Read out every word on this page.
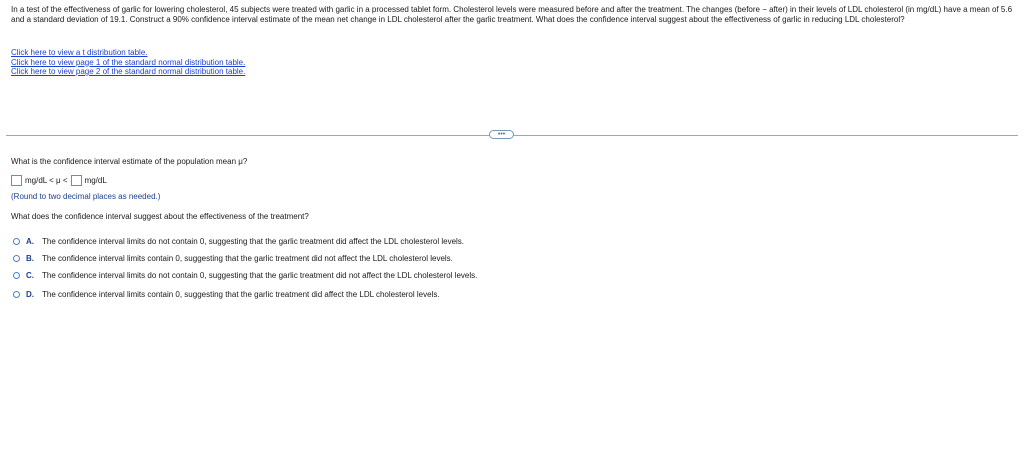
In a test of the effectiveness of garlic for lowering cholesterol, 45 subjects were treated with garlic in a processed tablet form. Cholesterol levels were measured before and after the treatment. The changes (before − after) in their levels of LDL cholesterol (in mg/dL) have a mean of 5.6 and a standard deviation of 19.1. Construct a 90% confidence interval estimate of the mean net change in LDL cholesterol after the garlic treatment. What does the confidence interval suggest about the effectiveness of garlic in reducing LDL cholesterol?
Click here to view a t distribution table.
Click here to view page 1 of the standard normal distribution table.
Click here to view page 2 of the standard normal distribution table.
•••
What is the confidence interval estimate of the population mean μ?
mg/dL < μ < mg/dL
(Round to two decimal places as needed.)
What does the confidence interval suggest about the effectiveness of the treatment?
A.	The confidence interval limits do not contain 0, suggesting that the garlic treatment did affect the LDL cholesterol levels.
B.	The confidence interval limits contain 0, suggesting that the garlic treatment did not affect the LDL cholesterol levels.
C.	The confidence interval limits do not contain 0, suggesting that the garlic treatment did not affect the LDL cholesterol levels.
D.	The confidence interval limits contain 0, suggesting that the garlic treatment did affect the LDL cholesterol levels.
